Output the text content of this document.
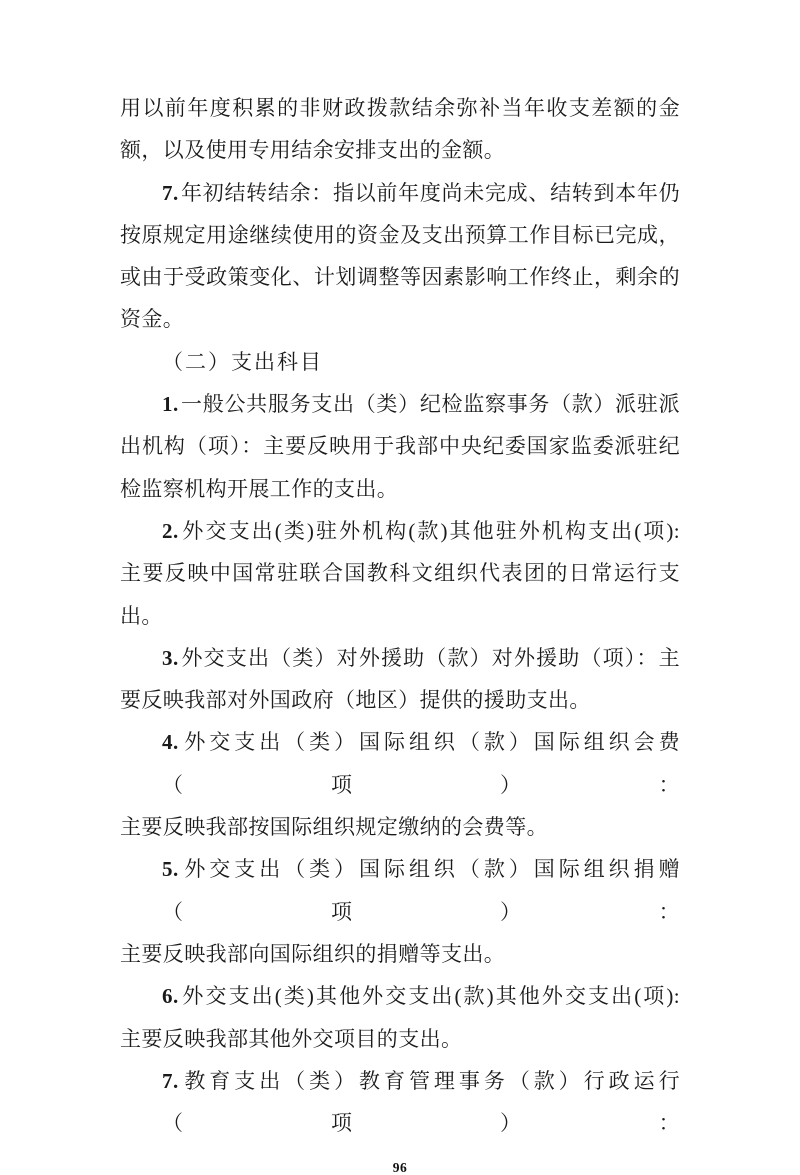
用以前年度积累的非财政拨款结余弥补当年收支差额的金
额，以及使用专用结余安排支出的金额。
7.年初结转结余：指以前年度尚未完成、结转到本年仍
按原规定用途继续使用的资金及支出预算工作目标已完成，
或由于受政策变化、计划调整等因素影响工作终止，剩余的
资金。
（二）支出科目
1.一般公共服务支出（类）纪检监察事务（款）派驻派
出机构（项）：主要反映用于我部中央纪委国家监委派驻纪
检监察机构开展工作的支出。
2.外交支出(类)驻外机构(款)其他驻外机构支出(项):
主要反映中国常驻联合国教科文组织代表团的日常运行支
出。
3.外交支出（类）对外援助（款）对外援助（项）：主
要反映我部对外国政府（地区）提供的援助支出。
4.外交支出（类）国际组织（款）国际组织会费（项）：
主要反映我部按国际组织规定缴纳的会费等。
5.外交支出（类）国际组织（款）国际组织捐赠（项）：
主要反映我部向国际组织的捐赠等支出。
6.外交支出(类)其他外交支出(款)其他外交支出(项):
主要反映我部其他外交项目的支出。
7.教育支出（类）教育管理事务（款）行政运行（项）：
96
